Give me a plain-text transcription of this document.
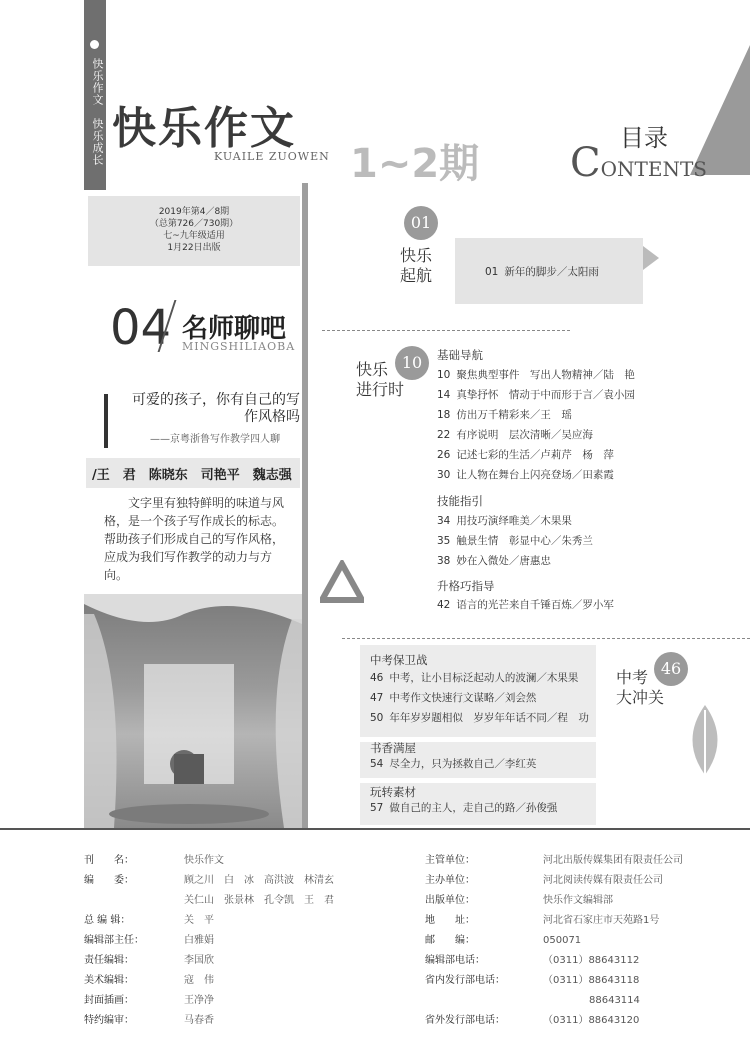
快乐作文　快乐成长 快乐作文
KUAILE ZUOWEN 1~2期
目录
CONTENTS
2019年第4／8期
（总第726／730期）
七~九年级适用
1月22日出版
04 名师聊吧
MINGSHILIAOBA
可爱的孩子，你有自己的写作风格吗
——京粤浙鲁写作教学四人聊
/王　君　陈晓东　司艳平　魏志强
文字里有独特鲜明的味道与风格，是一个孩子写作成长的标志。帮助孩子们形成自己的写作风格，应成为我们写作教学的动力与方向。
01
快乐
起航	01 新年的脚步／太阳雨
10
快乐
进行时
基础导航
10 聚焦典型事件　写出人物精神／陆　艳
14 真挚抒怀　情动于中而形于言／袁小园
18 仿出万千精彩来／王　瑶
22 有序说明　层次清晰／吴应海
26 记述七彩的生活／卢莉芹　杨　萍
30 让人物在舞台上闪亮登场／田素霞
技能指引
34 用技巧演绎唯美／木果果
35 触景生情　彰显中心／朱秀兰
38 妙在入微处／唐惠忠
升格巧指导
42 语言的光芒来自千锤百炼／罗小军
中考保卫战
46 中考，让小目标泛起动人的波澜／木果果
47 中考作文快速行文谋略／刘会然
50 年年岁岁题相似　岁岁年年话不同／程　功
书香满屋
54 尽全力，只为拯救自己／李红英
玩转素材
57 做自己的主人，走自己的路／孙俊强
46
中考
大冲关
刊　　名：	快乐作文
编　　委：	顾之川　白　冰　高洪波　林清玄
关仁山　张景林　孔令凯　王　君
总 编 辑：	关　平
编辑部主任：	白雅娟
责任编辑：	李国欣
美术编辑：	寇　伟
封面插画：	王净净
特约编审：	马春香
主管单位：	河北出版传媒集团有限责任公司
主办单位：	河北阅读传媒有限责任公司
出版单位：	快乐作文编辑部
地　　址：	河北省石家庄市天苑路1号
邮　　编：	050071
编辑部电话：	（0311）88643112
省内发行部电话：	（0311）88643118
88643114
省外发行部电话：	（0311）88643120
